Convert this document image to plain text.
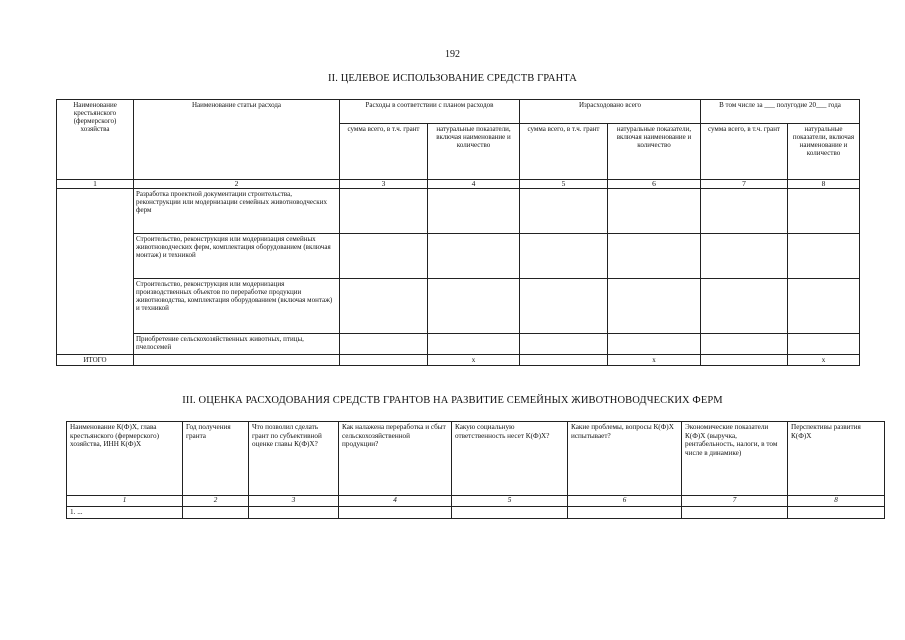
192
II. ЦЕЛЕВОЕ ИСПОЛЬЗОВАНИЕ СРЕДСТВ ГРАНТА
Наименование крестьянского (фермерского) хозяйства	Наименование статьи расхода	Расходы в соответствии с планом расходов		Израсходовано всего		В том числе за ___ полугодие 20___ года	
		сумма всего, в т.ч. грант	натуральные показатели, включая наименование и количество	сумма всего, в т.ч. грант	натуральные показатели, включая наименование и количество	сумма всего, в т.ч. грант	натуральные показатели, включая наименование и количество
1	2	3	4	5	6	7	8
	Разработка проектной документации строительства, реконструкции или модернизации семейных животноводческих ферм						
	Строительство, реконструкция или модернизация семейных животноводческих ферм, комплектация оборудованием (включая монтаж) и техникой						
	Строительство, реконструкция или модернизация производственных объектов по переработке продукции животноводства, комплектация оборудованием (включая монтаж) и техникой						
	Приобретение сельскохозяйственных животных, птицы, пчелосемей						
ИТОГО			x		x		x
III. ОЦЕНКА РАСХОДОВАНИЯ СРЕДСТВ ГРАНТОВ НА РАЗВИТИЕ СЕМЕЙНЫХ ЖИВОТНОВОДЧЕСКИХ ФЕРМ
Наименование К(Ф)Х, глава крестьянского (фермерского) хозяйства, ИНН К(Ф)Х	Год получения гранта	Что позволил сделать грант по субъективной оценке главы К(Ф)Х?	Как налажена переработка и сбыт сельскохозяйственной продукции?	Какую социальную ответственность несет К(Ф)Х?	Какие проблемы, вопросы К(Ф)Х испытывает?	Экономические показатели К(Ф)Х (выручка, рентабельность, налоги, в том числе в динамике)	Перспективы развития К(Ф)Х
1	2	3	4	5	6	7	8
1. ...							
